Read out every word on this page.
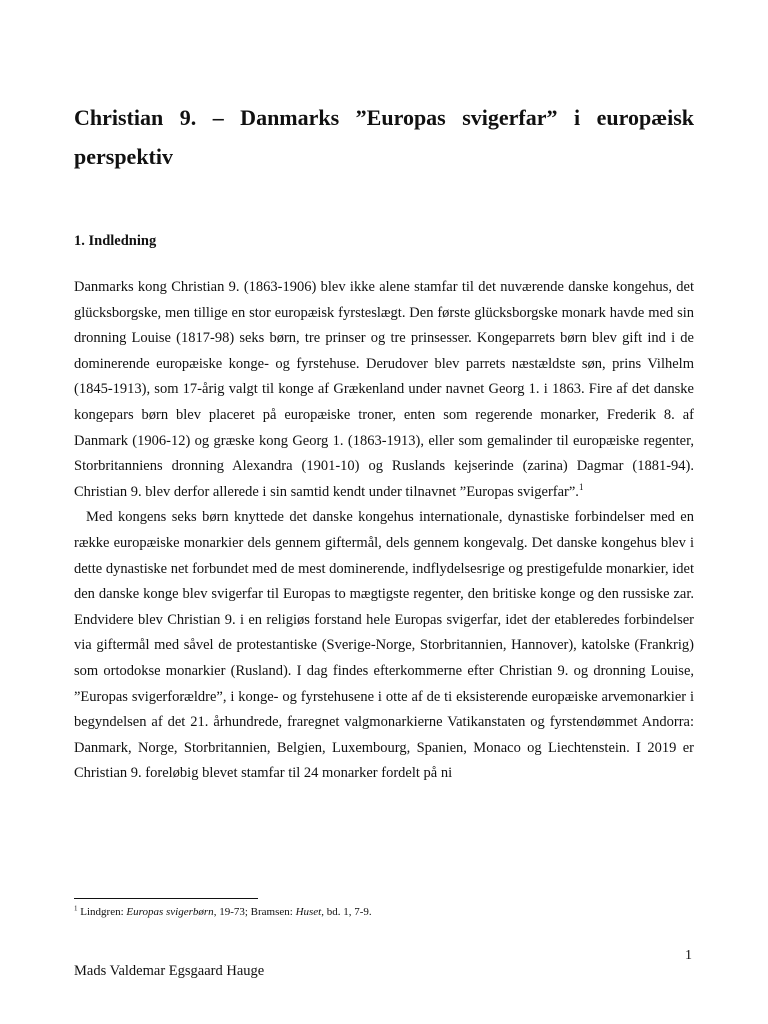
Christian 9. – Danmarks ”Europas svigerfar” i europæisk perspektiv
1. Indledning

Danmarks kong Christian 9. (1863-1906) blev ikke alene stamfar til det nuværende danske kongehus, det glücksborgske, men tillige en stor europæisk fyrsteslægt. Den første glücksborgske monark havde med sin dronning Louise (1817-98) seks børn, tre prinser og tre prinsesser. Kongeparrets børn blev gift ind i de dominerende europæiske konge- og fyrstehuse. Derudover blev parrets næstældste søn, prins Vilhelm (1845-1913), som 17-årig valgt til konge af Grækenland under navnet Georg 1. i 1863. Fire af det danske kongepars børn blev placeret på europæiske troner, enten som regerende monarker, Frederik 8. af Danmark (1906-12) og græske kong Georg 1. (1863-1913), eller som gemalinder til europæiske regenter, Storbritanniens dronning Alexandra (1901-10) og Ruslands kejserinde (zarina) Dagmar (1881-94). Christian 9. blev derfor allerede i sin samtid kendt under tilnavnet ”Europas svigerfar”.$^1$

Med kongens seks børn knyttede det danske kongehus internationale, dynastiske forbindelser med en række europæiske monarkier dels gennem giftermål, dels gennem kongevalg. Det danske kongehus blev i dette dynastiske net forbundet med de mest dominerende, indflydelsesrige og prestigefulde monarkier, idet den danske konge blev svigerfar til Europas to mægtigste regenter, den britiske konge og den russiske zar. Endvidere blev Christian 9. i en religiøs forstand hele Europas svigerfar, idet der etableredes forbindelser via giftermål med såvel de protestantiske (Sverige-Norge, Storbritannien, Hannover), katolske (Frankrig) som ortodokse monarkier (Rusland). I dag findes efterkommerne efter Christian 9. og dronning Louise, ”Europas svigerforældre”, i konge- og fyrstehusene i otte af de ti eksisterende europæiske arvemonarkier i begyndelsen af det 21. århundrede, fraregnet valgmonarkierne Vatikanstaten og fyrstendømmet Andorra: Danmark, Norge, Storbritannien, Belgien, Luxembourg, Spanien, Monaco og Liechtenstein. I 2019 er Christian 9. foreløbig blevet stamfar til 24 monarker fordelt på ni

$^1$ Lindgren: Europas svigerbørn, 19-73; Bramsen: Huset, bd. 1, 7-9.
1
Mads Valdemar Egsgaard Hauge
